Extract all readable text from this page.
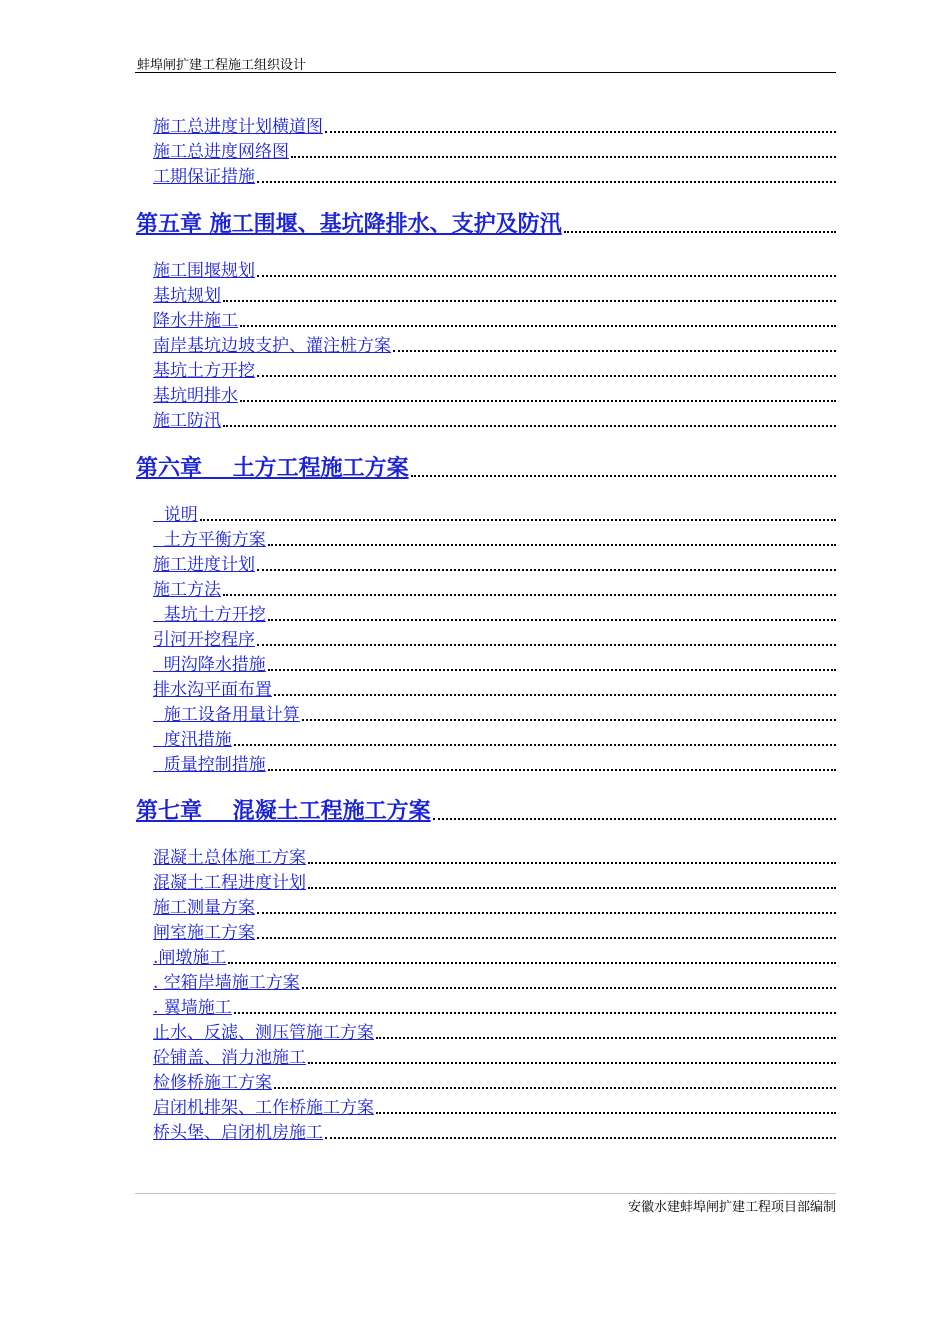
蚌埠闸扩建工程施工组织设计
施工总进度计划横道图
施工总进度网络图
工期保证措施
第五章 施工围堰、基坑降排水、支护及防汛
施工围堰规划
基坑规划
降水井施工
南岸基坑边坡支护、灌注桩方案
基坑土方开挖
基坑明排水
施工防汛
第六章    土方工程施工方案
说明
土方平衡方案
施工进度计划
施工方法
基坑土方开挖
引河开挖程序
明沟降水措施
排水沟平面布置
施工设备用量计算
度汛措施
质量控制措施
第七章    混凝土工程施工方案
混凝土总体施工方案
混凝土工程进度计划
施工测量方案
闸室施工方案
.闸墩施工
. 空箱岸墙施工方案
. 翼墙施工
止水、反滤、测压管施工方案
砼铺盖、消力池施工
检修桥施工方案
启闭机排架、工作桥施工方案
桥头堡、启闭机房施工
安徽水建蚌埠闸扩建工程项目部编制
